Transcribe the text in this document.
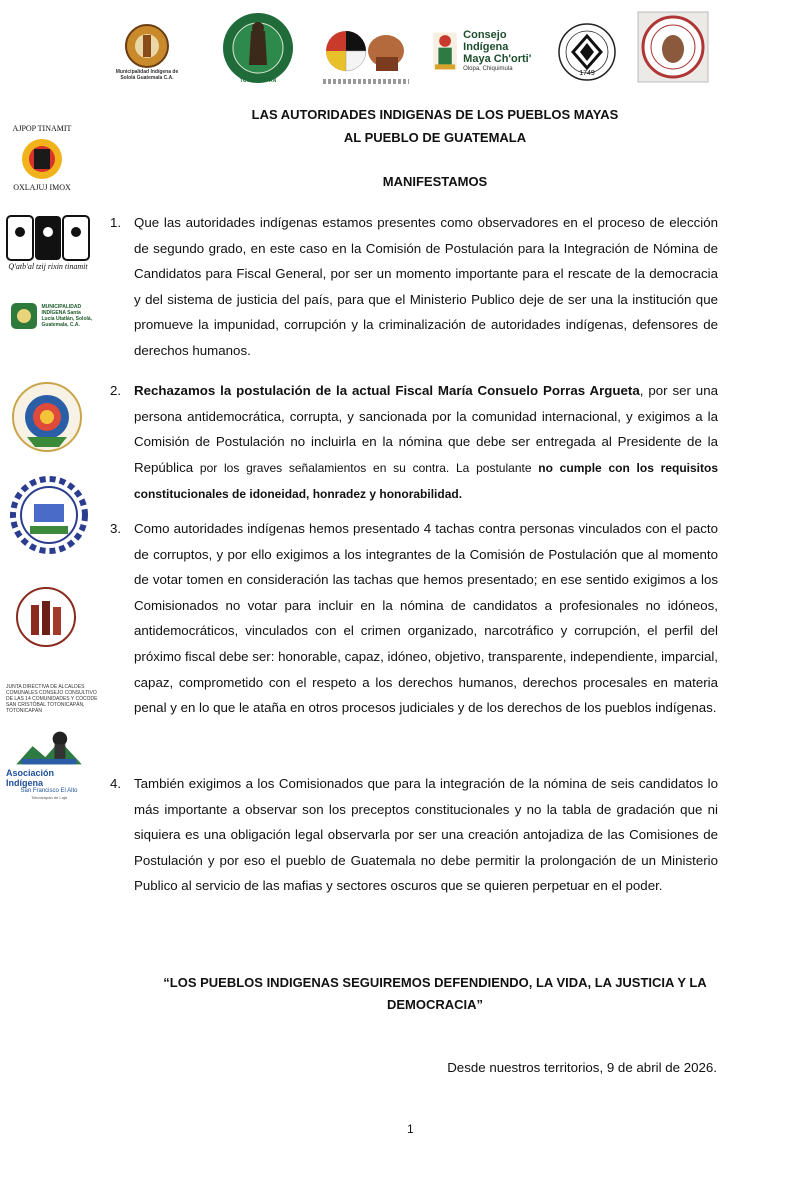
Municipalidad Indígena de Sololá Guatemala C.A.	TOTONICAPÁN
Consejo Indígena
Maya Ch'orti'
Olopa, Chiquimula
1749
AJPOP TINAMIT
OXLAJUJ IMOX
Q'atb'al tzij rixin tinamit
MUNICIPALIDAD INDÍGENA Santa Lucía Utatlán, Sololá, Guatemala, C.A.
JUNTA DIRECTIVA DE ALCALDES COMUNALES CONSEJO CONSULTIVO DE LAS 14 COMUNIDADES Y COCODE SAN CRISTÓBAL TOTONICAPÁN, TOTONICAPÁN
Asociación Indígena
San Francisco El Alto
Totonicapán de Lajá
LAS AUTORIDADES INDIGENAS DE LOS PUEBLOS MAYAS
AL PUEBLO DE GUATEMALA
MANIFESTAMOS
1. Que las autoridades indígenas estamos presentes como observadores en el proceso de elección de segundo grado, en este caso en la Comisión de Postulación para la Integración de Nómina de Candidatos para Fiscal General, por ser un momento importante para el rescate de la democracia y del sistema de justicia del país, para que el Ministerio Publico deje de ser una la institución que promueve la impunidad, corrupción y la criminalización de autoridades indígenas, defensores de derechos humanos.
2. Rechazamos la postulación de la actual Fiscal María Consuelo Porras Argueta, por ser una persona antidemocrática, corrupta, y sancionada por la comunidad internacional, y exigimos a la Comisión de Postulación no incluirla en la nómina que debe ser entregada al Presidente de la República por los graves señalamientos en su contra. La postulante no cumple con los requisitos constitucionales de idoneidad, honradez y honorabilidad.
3. Como autoridades indígenas hemos presentado 4 tachas contra personas vinculados con el pacto de corruptos, y por ello exigimos a los integrantes de la Comisión de Postulación que al momento de votar tomen en consideración las tachas que hemos presentado; en ese sentido exigimos a los Comisionados no votar para incluir en la nómina de candidatos a profesionales no idóneos, antidemocráticos, vinculados con el crimen organizado, narcotráfico y corrupción, el perfil del próximo fiscal debe ser: honorable, capaz, idóneo, objetivo, transparente, independiente, imparcial, capaz, comprometido con el respeto a los derechos humanos, derechos procesales en materia penal y en lo que le ataña en otros procesos judiciales y de los derechos de los pueblos indígenas.
4. También exigimos a los Comisionados que para la integración de la nómina de seis candidatos lo más importante a observar son los preceptos constitucionales y no la tabla de gradación que ni siquiera es una obligación legal observarla por ser una creación antojadiza de las Comisiones de Postulación y por eso el pueblo de Guatemala no debe permitir la prolongación de un Ministerio Publico al servicio de las mafias y sectores oscuros que se quieren perpetuar en el poder.
“LOS PUEBLOS INDIGENAS SEGUIREMOS DEFENDIENDO, LA VIDA, LA JUSTICIA Y LA
DEMOCRACIA”
Desde nuestros territorios, 9 de abril de 2026.
1
